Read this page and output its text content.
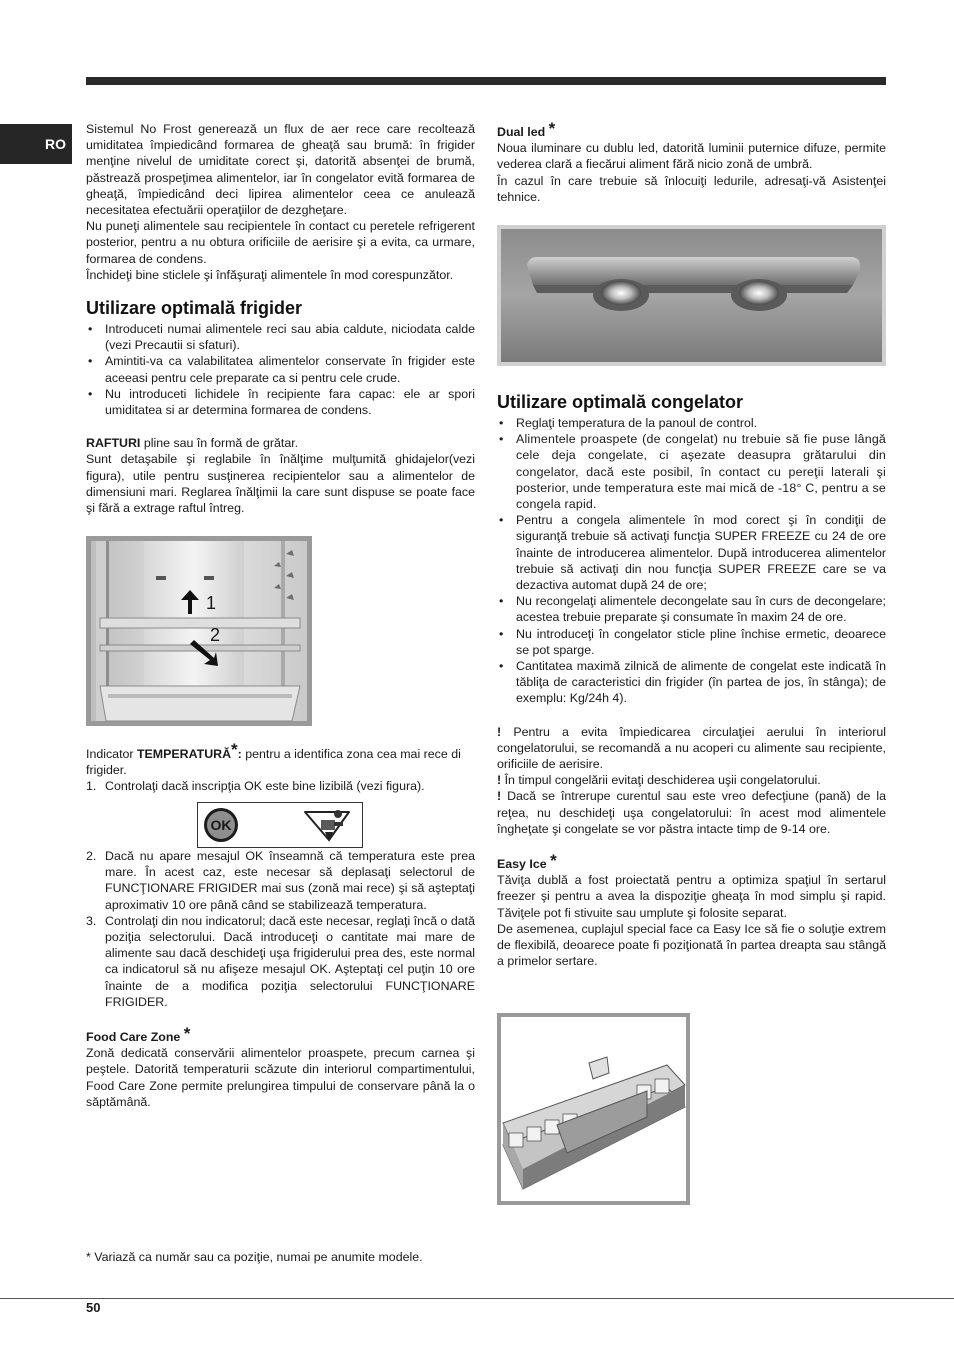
RO

Sistemul No Frost generează un flux de aer rece care recoltează umiditatea împiedicând formarea de gheaţă sau brumă: în frigider menţine nivelul de umiditate corect şi, datorită absenţei de brumă, păstrează prospeţimea alimentelor, iar în congelator evită formarea de gheaţă, împiedicând deci lipirea alimentelor ceea ce anulează necesitatea efectuării operaţiilor de dezgheţare.

Nu puneţi alimentele sau recipientele în contact cu peretele refrigerent posterior, pentru a nu obtura orificiile de aerisire şi a evita, ca urmare, formarea de condens.

Închideţi bine sticlele şi înfăşuraţi alimentele în mod corespunzător.

Utilizare optimală frigider
• Introduceti numai alimentele reci sau abia caldute, niciodata calde (vezi Precautii si sfaturi).
• Amintiti-va ca valabilitatea alimentelor conservate în frigider este aceeasi pentru cele preparate ca si pentru cele crude.
• Nu introduceti lichidele în recipiente fara capac: ele ar spori umiditatea si ar determina formarea de condens.

RAFTURI pline sau în formă de grătar.

Sunt detaşabile şi reglabile în înălţime mulţumită ghidajelor(vezi figura), utile pentru susţinerea recipientelor sau a alimentelor de dimensiuni mari. Reglarea înălţimii la care sunt dispuse se poate face şi fără a extrage raftul întreg.

1
2

Indicator TEMPERATURĂ*: pentru a identifica zona cea mai rece di frigider.

1. Controlaţi dacă inscripţia OK este bine lizibilă (vezi figura).
OK
2. Dacă nu apare mesajul OK înseamnă că temperatura este prea mare. În acest caz, este necesar să deplasaţi selectorul de FUNCŢIONARE FRIGIDER mai sus (zonă mai rece) şi să aşteptaţi aproximativ 10 ore până când se stabilizează temperatura.
3. Controlaţi din nou indicatorul; dacă este necesar, reglaţi încă o dată poziţia selectorului. Dacă introduceţi o cantitate mai mare de alimente sau dacă deschideţi uşa frigiderului prea des, este normal ca indicatorul să nu afişeze mesajul OK. Aşteptaţi cel puţin 10 ore înainte de a modifica poziţia selectorului FUNCŢIONARE FRIGIDER.
Food Care Zone *

Zonă dedicată conservării alimentelor proaspete, precum carnea şi peştele. Datorită temperaturii scăzute din interiorul compartimentului, Food Care Zone permite prelungirea timpului de conservare până la o săptămână.

Dual led *

Noua iluminare cu dublu led, datorită luminii puternice difuze, permite vederea clară a fiecărui aliment fără nicio zonă de umbră.

În cazul în care trebuie să înlocuiţi ledurile, adresaţi-vă Asistenţei tehnice.

Utilizare optimală congelator
• Reglaţi temperatura de la panoul de control.
• Alimentele proaspete (de congelat) nu trebuie să fie puse lângă cele deja congelate, ci aşezate deasupra grătarului din congelator, dacă este posibil, în contact cu pereţii laterali şi posterior, unde temperatura este mai mică de -18° C, pentru a se congela rapid.
• Pentru a congela alimentele în mod corect şi în condiţii de siguranţă trebuie să activaţi funcţia SUPER FREEZE cu 24 de ore înainte de introducerea alimentelor. După introducerea alimentelor trebuie să activaţi din nou funcţia SUPER FREEZE care se va dezactiva automat după 24 de ore;
• Nu recongelaţi alimentele decongelate sau în curs de decongelare; acestea trebuie preparate şi consumate în maxim 24 de ore.
• Nu introduceţi în congelator sticle pline închise ermetic, deoarece se pot sparge.
• Cantitatea maximă zilnică de alimente de congelat este indicată în tăbliţa de caracteristici din frigider (în partea de jos, în stânga); de exemplu: Kg/24h 4).

! Pentru a evita împiedicarea circulaţiei aerului în interiorul congelatorului, se recomandă a nu acoperi cu alimente sau recipiente, orificiile de aerisire.

! În timpul congelării evitaţi deschiderea uşii congelatorului.

! Dacă se întrerupe curentul sau este vreo defecţiune (pană) de la reţea, nu deschideţi uşa congelatorului: în acest mod alimentele îngheţate şi congelate se vor păstra intacte timp de 9-14 ore.

Easy Ice *

Tăviţa dublă a fost proiectată pentru a optimiza spaţiul în sertarul freezer şi pentru a avea la dispoziţie gheaţa în mod simplu şi rapid. Tăviţele pot fi stivuite sau umplute şi folosite separat.

De asemenea, cuplajul special face ca Easy Ice să fie o soluţie extrem de flexibilă, deoarece poate fi poziţionată în partea dreapta sau stângă a primelor sertare.

* Variază ca număr sau ca poziţie, numai pe anumite modele.
50
